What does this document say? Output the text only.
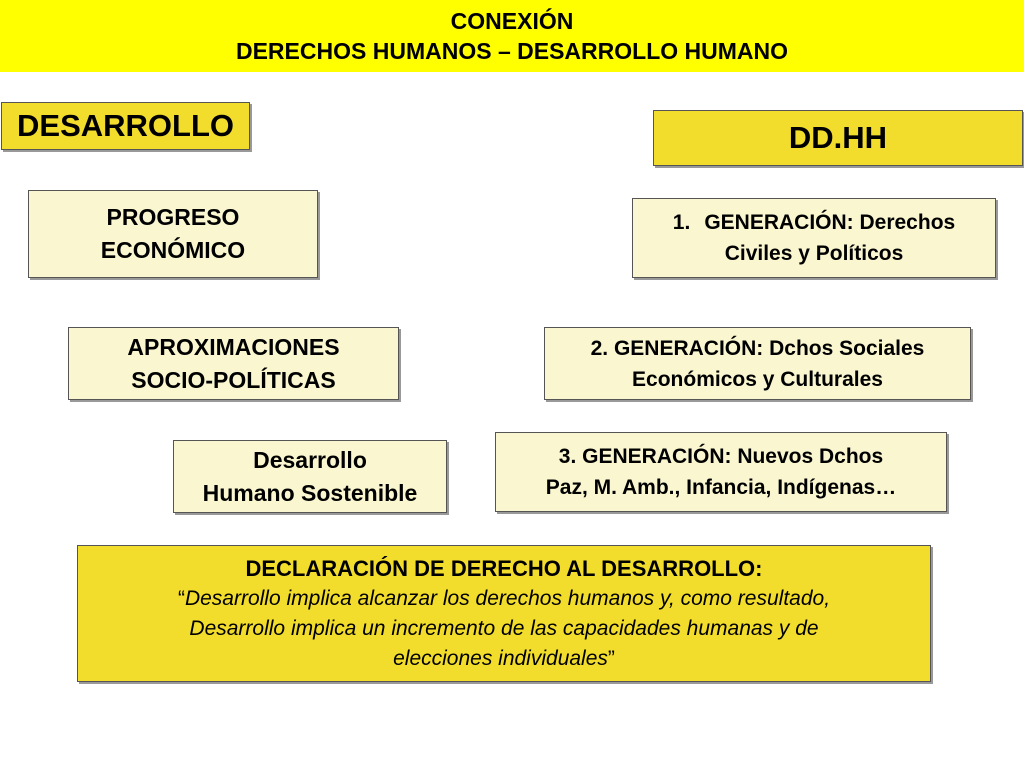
CONEXIÓN
DERECHOS HUMANOS – DESARROLLO HUMANO
DESARROLLO	DD.HH
PROGRESO
ECONÓMICO
APROXIMACIONES
SOCIO-POLÍTICAS
Desarrollo
Humano Sostenible
1. GENERACIÓN: Derechos
Civiles y Políticos
2. GENERACIÓN: Dchos Sociales
Económicos y Culturales
3. GENERACIÓN: Nuevos Dchos
Paz, M. Amb., Infancia, Indígenas…
DECLARACIÓN DE DERECHO AL DESARROLLO:
“Desarrollo implica alcanzar los derechos humanos y, como resultado,
Desarrollo implica un incremento de las capacidades humanas y de
elecciones individuales”
